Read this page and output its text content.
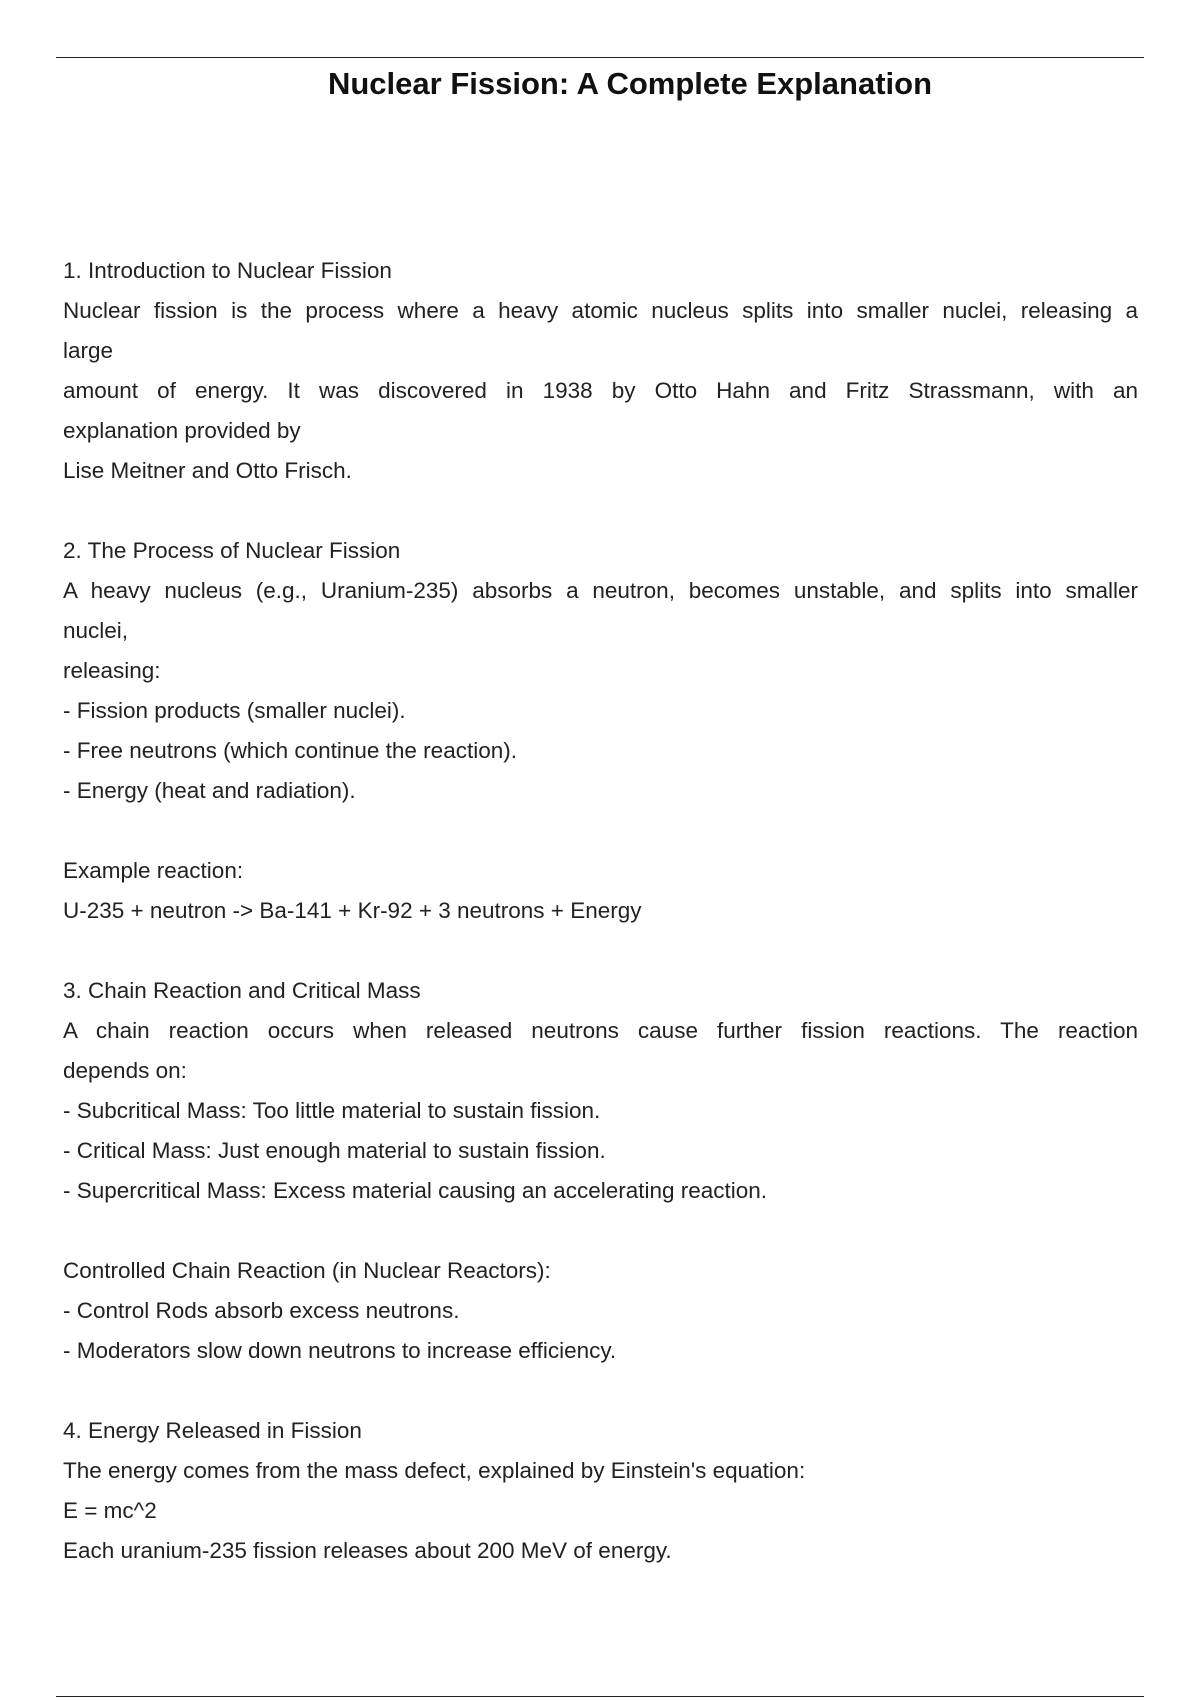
Nuclear Fission: A Complete Explanation
1. Introduction to Nuclear Fission
Nuclear fission is the process where a heavy atomic nucleus splits into smaller nuclei, releasing a
large
amount of energy. It was discovered in 1938 by Otto Hahn and Fritz Strassmann, with an
explanation provided by
Lise Meitner and Otto Frisch.
2. The Process of Nuclear Fission
A heavy nucleus (e.g., Uranium-235) absorbs a neutron, becomes unstable, and splits into smaller
nuclei,
releasing:
- Fission products (smaller nuclei).
- Free neutrons (which continue the reaction).
- Energy (heat and radiation).
Example reaction:
U-235 + neutron -> Ba-141 + Kr-92 + 3 neutrons + Energy
3. Chain Reaction and Critical Mass
A chain reaction occurs when released neutrons cause further fission reactions. The reaction
depends on:
- Subcritical Mass: Too little material to sustain fission.
- Critical Mass: Just enough material to sustain fission.
- Supercritical Mass: Excess material causing an accelerating reaction.
Controlled Chain Reaction (in Nuclear Reactors):
- Control Rods absorb excess neutrons.
- Moderators slow down neutrons to increase efficiency.
4. Energy Released in Fission
The energy comes from the mass defect, explained by Einstein's equation:
E = mc^2
Each uranium-235 fission releases about 200 MeV of energy.
